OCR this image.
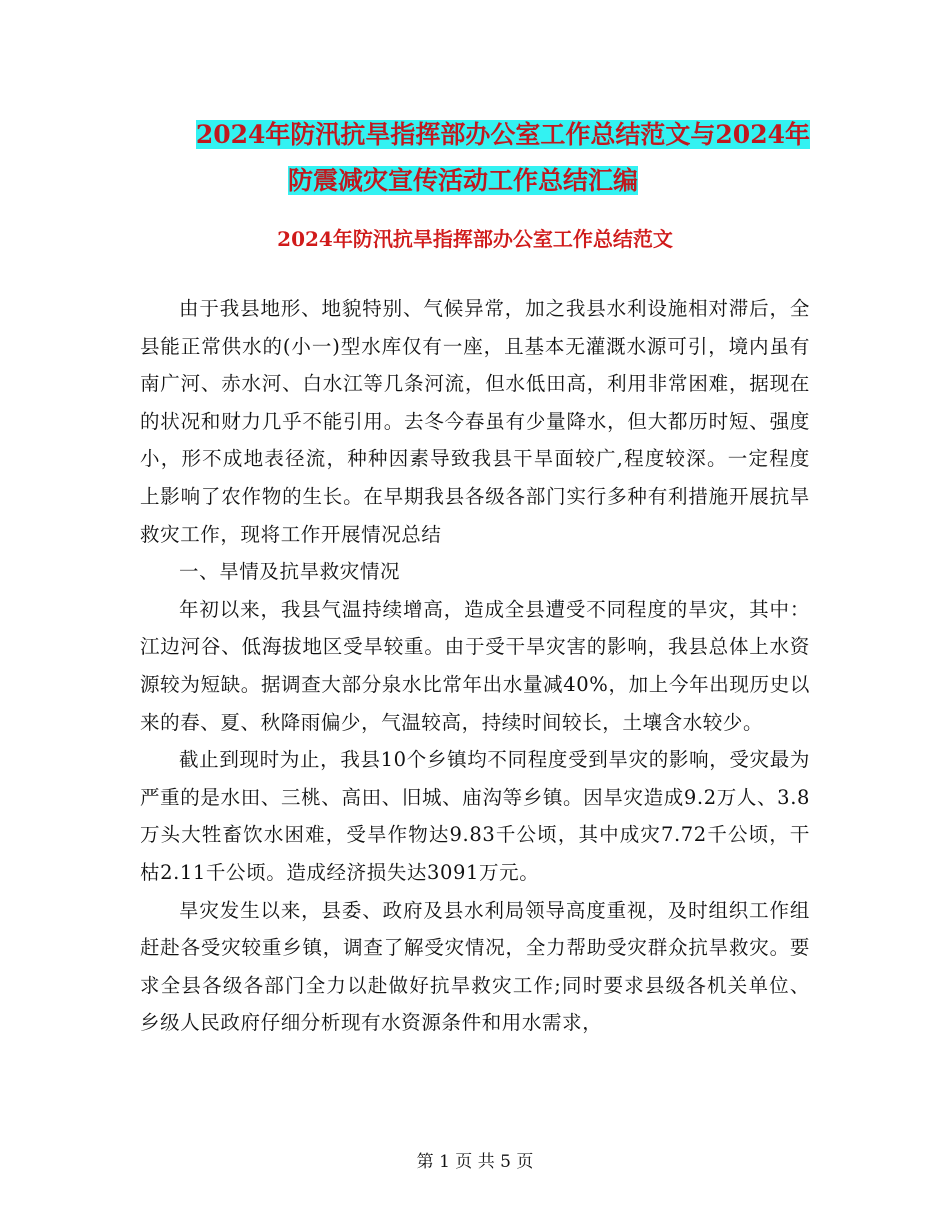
2024年防汛抗旱指挥部办公室工作总结范文与2024年
防震减灾宣传活动工作总结汇编
2024年防汛抗旱指挥部办公室工作总结范文

由于我县地形、地貌特别、气候异常，加之我县水利设施相对滞后，全县能正常供水的(小一)型水库仅有一座，且基本无灌溉水源可引，境内虽有南广河、赤水河、白水江等几条河流，但水低田高，利用非常困难，据现在的状况和财力几乎不能引用。去冬今春虽有少量降水，但大都历时短、强度小，形不成地表径流，种种因素导致我县干旱面较广,程度较深。一定程度上影响了农作物的生长。在早期我县各级各部门实行多种有利措施开展抗旱救灾工作，现将工作开展情况总结

一、旱情及抗旱救灾情况

年初以来，我县气温持续增高，造成全县遭受不同程度的旱灾，其中：江边河谷、低海拔地区受旱较重。由于受干旱灾害的影响，我县总体上水资源较为短缺。据调查大部分泉水比常年出水量减40%，加上今年出现历史以来的春、夏、秋降雨偏少，气温较高，持续时间较长，土壤含水较少。

截止到现时为止，我县10个乡镇均不同程度受到旱灾的影响，受灾最为严重的是水田、三桃、高田、旧城、庙沟等乡镇。因旱灾造成9.2万人、3.8万头大牲畜饮水困难，受旱作物达9.83千公顷，其中成灾7.72千公顷，干枯2.11千公顷。造成经济损失达3091万元。

旱灾发生以来，县委、政府及县水利局领导高度重视，及时组织工作组赶赴各受灾较重乡镇，调查了解受灾情况，全力帮助受灾群众抗旱救灾。要求全县各级各部门全力以赴做好抗旱救灾工作;同时要求县级各机关单位、乡级人民政府仔细分析现有水资源条件和用水需求，

第 1 页 共 5 页
